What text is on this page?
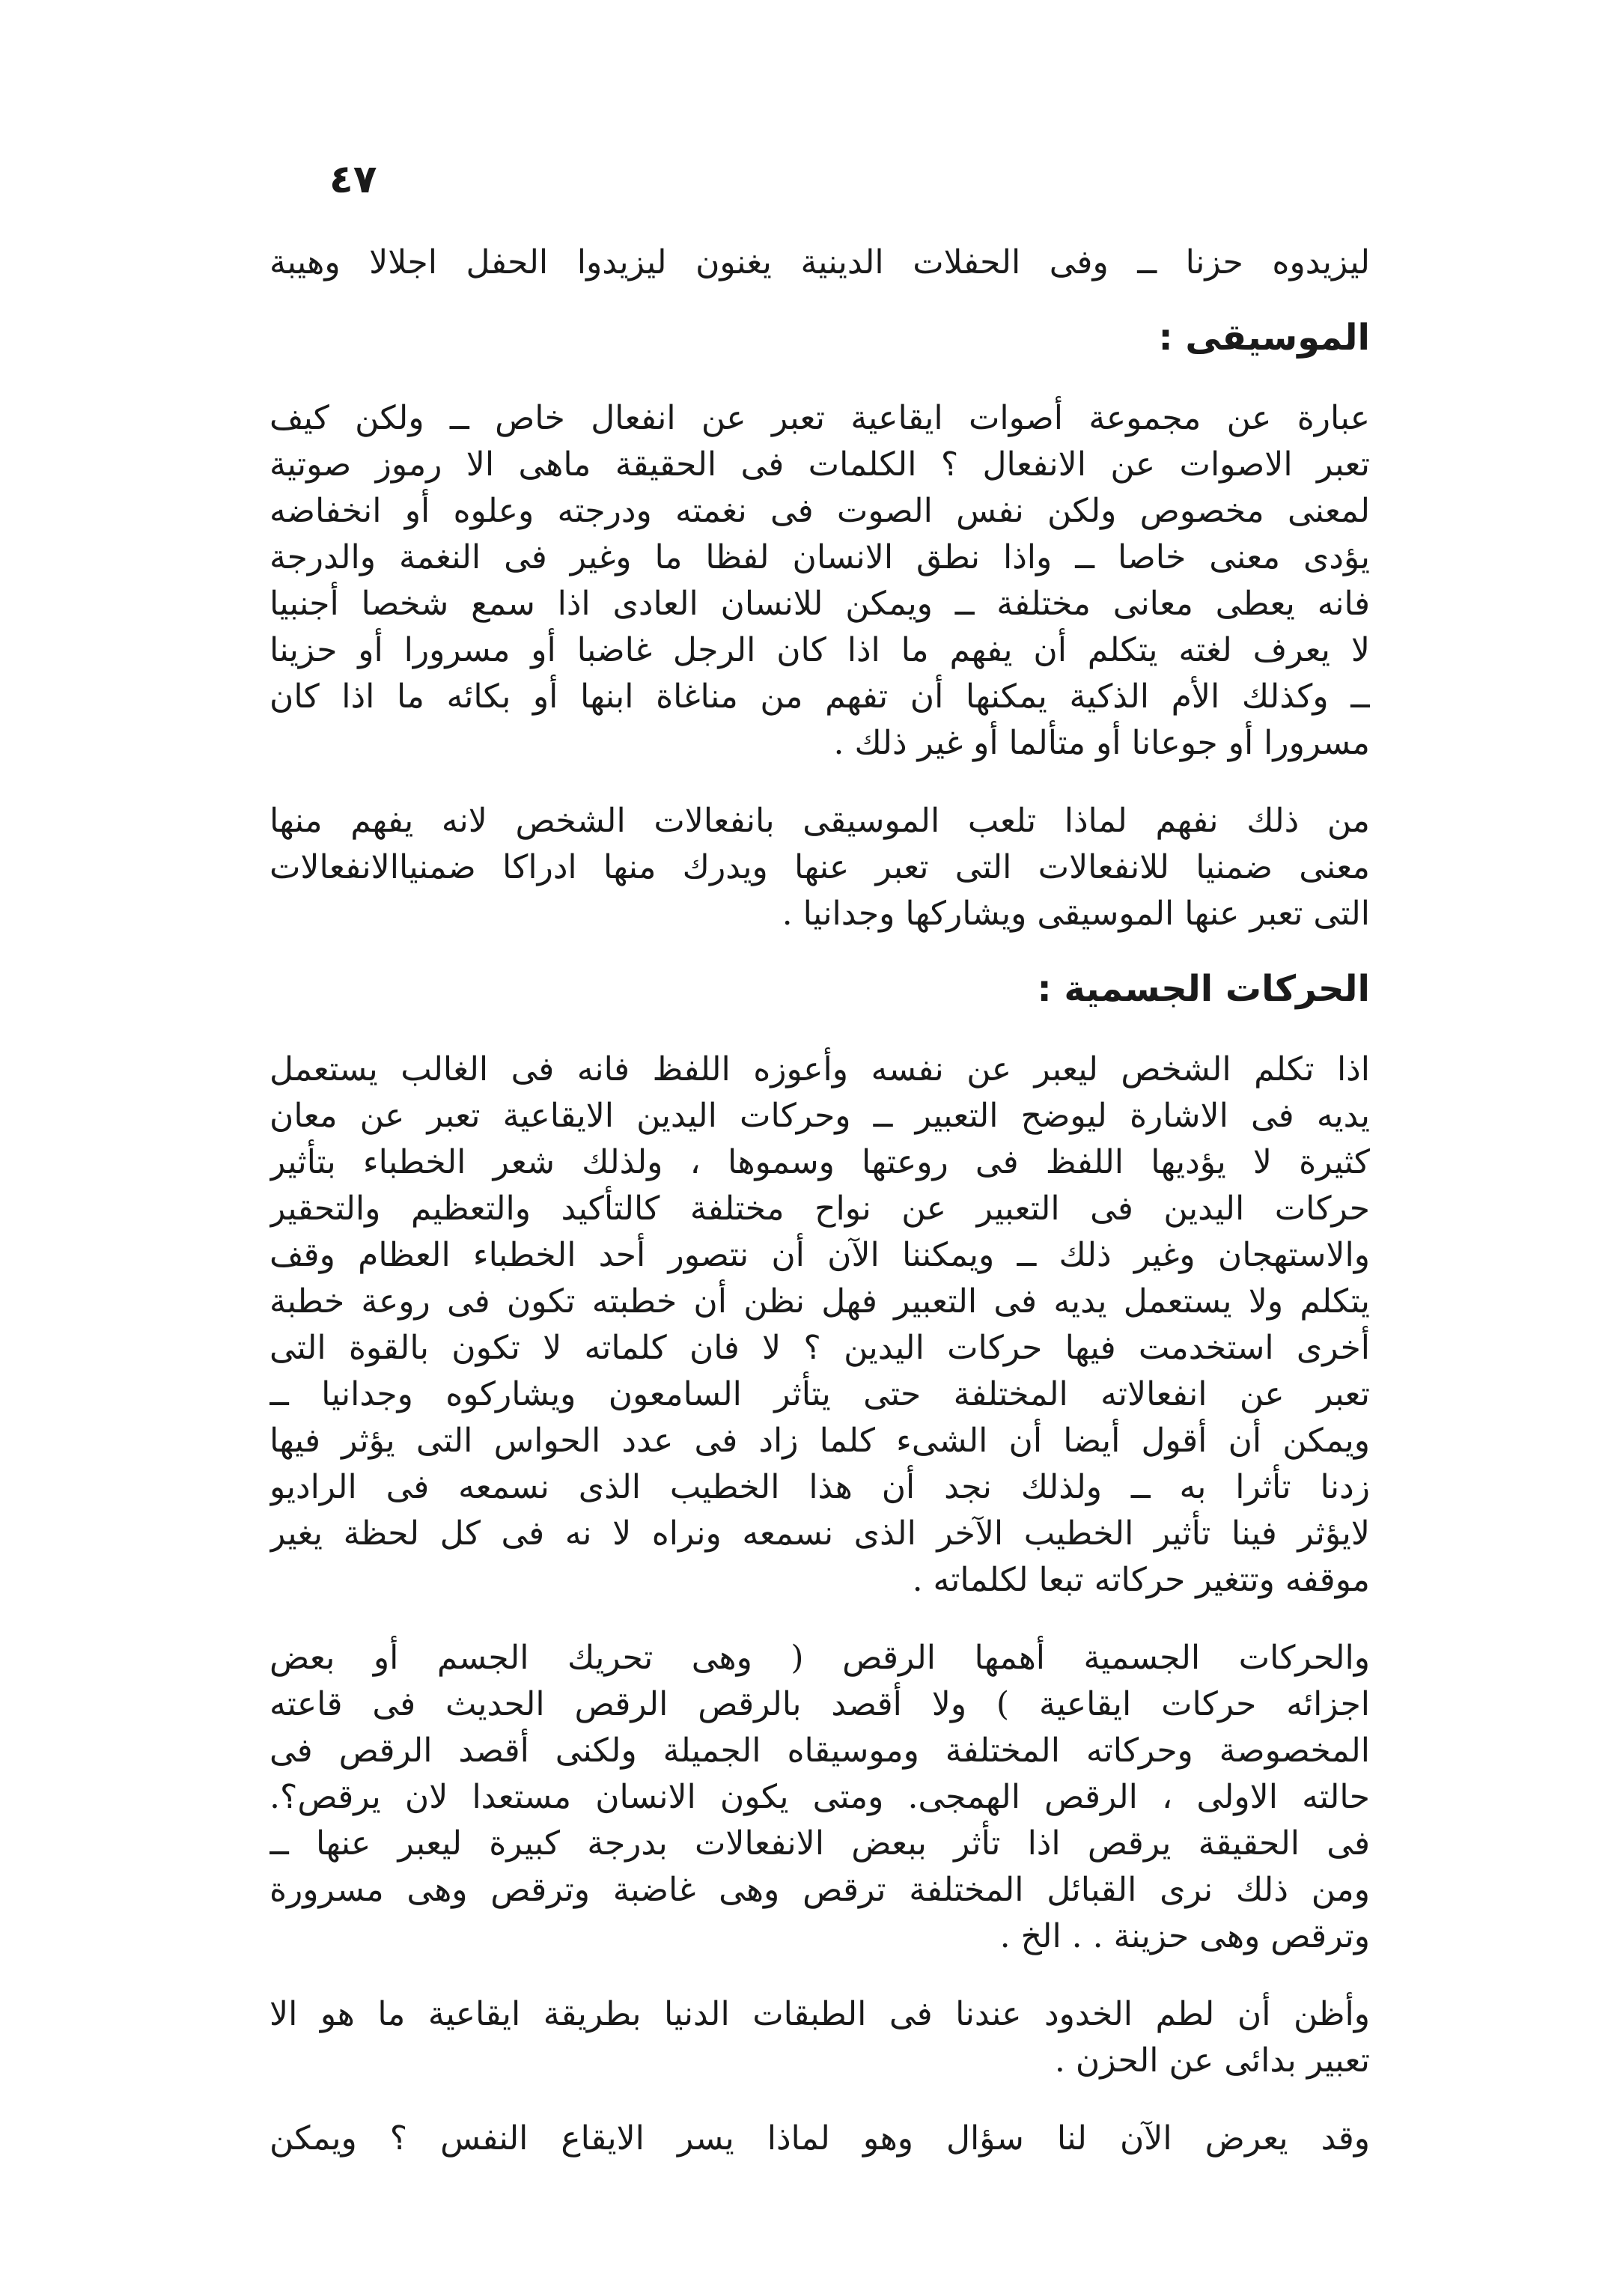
٤٧
ليزيدوه حزنا ــ وفى الحفلات الدينية يغنون ليزيدوا الحفل اجلالا وهيبة
الموسيقى :
عبارة عن مجموعة أصوات ايقاعية تعبر عن انفعال خاص ــ ولكن كيف
تعبر الاصوات عن الانفعال ؟ الكلمات فى الحقيقة ماهى الا رموز صوتية
لمعنى مخصوص ولكن نفس الصوت فى نغمته ودرجته وعلوه أو انخفاضه
يؤدى معنى خاصا ــ واذا نطق الانسان لفظا ما وغير فى النغمة والدرجة
فانه يعطى معانى مختلفة ــ ويمكن للانسان العادى اذا سمع شخصا أجنبيا
لا يعرف لغته يتكلم أن يفهم ما اذا كان الرجل غاضبا أو مسرورا أو حزينا
ــ وكذلك الأم الذكية يمكنها أن تفهم من مناغاة ابنها أو بكائه ما اذا كان
مسرورا أو جوعانا أو متألما أو غير ذلك .
من ذلك نفهم لماذا تلعب الموسيقى بانفعالات الشخص لانه يفهم منها
معنى ضمنيا للانفعالات التى تعبر عنها ويدرك منها ادراكا ضمنياالانفعالات
التى تعبر عنها الموسيقى ويشاركها وجدانيا .
الحركات الجسمية :
اذا تكلم الشخص ليعبر عن نفسه وأعوزه اللفظ فانه فى الغالب يستعمل
يديه فى الاشارة ليوضح التعبير ــ وحركات اليدين الايقاعية تعبر عن معان
كثيرة لا يؤديها اللفظ فى روعتها وسموها ، ولذلك شعر الخطباء بتأثير
حركات اليدين فى التعبير عن نواح مختلفة كالتأكيد والتعظيم والتحقير
والاستهجان وغير ذلك ــ ويمكننا الآن أن نتصور أحد الخطباء العظام وقف
يتكلم ولا يستعمل يديه فى التعبير فهل نظن أن خطبته تكون فى روعة خطبة
أخرى استخدمت فيها حركات اليدين ؟ لا فان كلماته لا تكون بالقوة التى
تعبر عن انفعالاته المختلفة حتى يتأثر السامعون ويشاركوه وجدانيا ــ
ويمكن أن أقول أيضا أن الشىء كلما زاد فى عدد الحواس التى يؤثر فيها
زدنا تأثرا به ــ ولذلك نجد أن هذا الخطيب الذى نسمعه فى الراديو
لايؤثر فينا تأثير الخطيب الآخر الذى نسمعه ونراه لا نه فى كل لحظة يغير
موقفه وتتغير حركاته تبعا لكلماته .
والحركات الجسمية أهمها الرقص ( وهى تحريك الجسم أو بعض
اجزائه حركات ايقاعية ) ولا أقصد بالرقص الرقص الحديث فى قاعته
المخصوصة وحركاته المختلفة وموسيقاه الجميلة ولكنى أقصد الرقص فى
حالته الاولى ، الرقص الهمجى. ومتى يكون الانسان مستعدا لان يرقص؟.
فى الحقيقة يرقص اذا تأثر ببعض الانفعالات بدرجة كبيرة ليعبر عنها ــ
ومن ذلك نرى القبائل المختلفة ترقص وهى غاضبة وترقص وهى مسرورة
وترقص وهى حزينة . . الخ .
وأظن أن لطم الخدود عندنا فى الطبقات الدنيا بطريقة ايقاعية ما هو الا
تعبير بدائى عن الحزن .
وقد يعرض الآن لنا سؤال وهو لماذا يسر الايقاع النفس ؟ ويمكن
